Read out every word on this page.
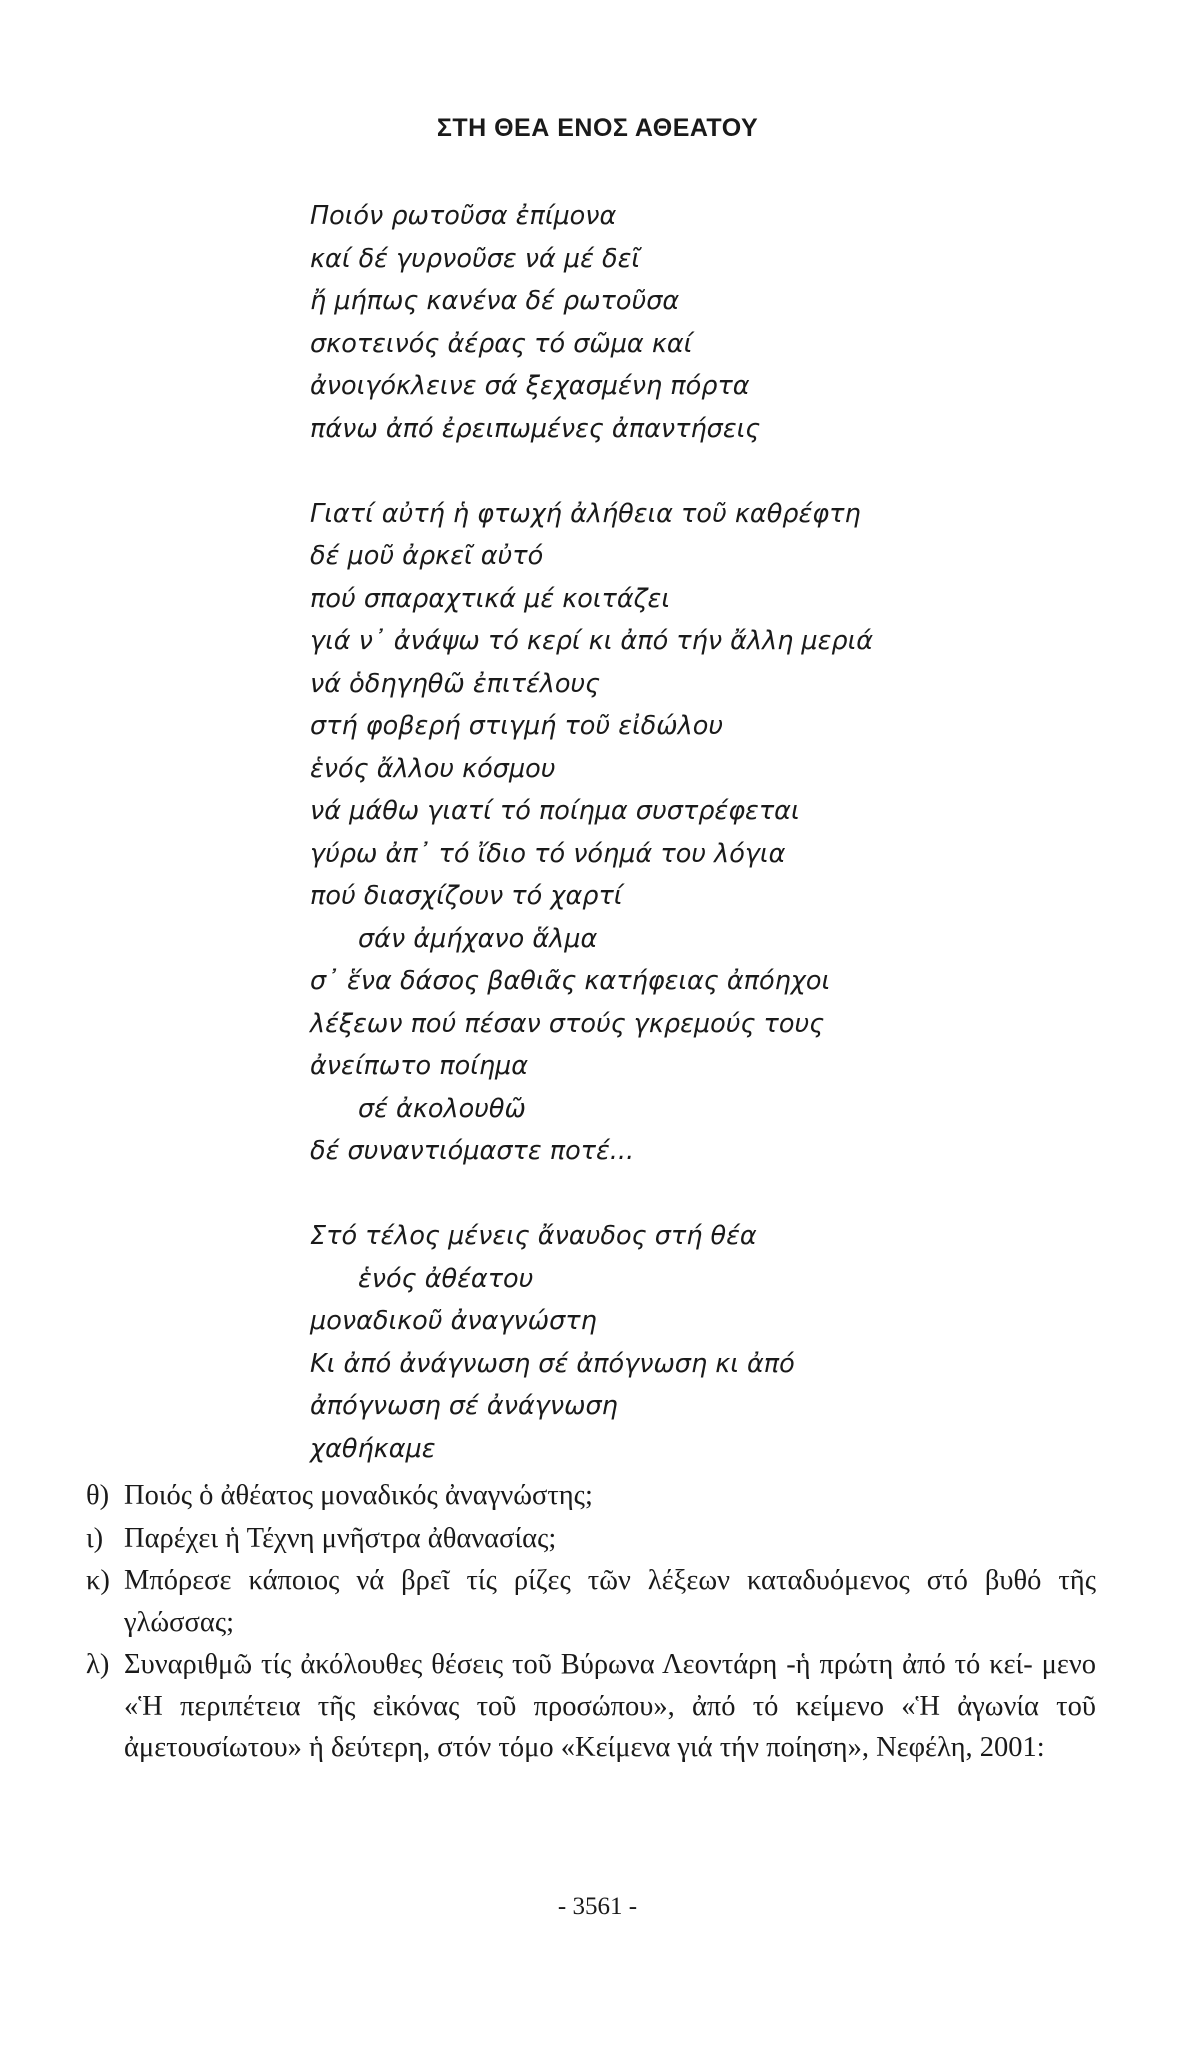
ΣΤΗ ΘΕΑ ΕΝΟΣ ΑΘΕΑΤΟΥ
Ποιόν ρωτοῦσα ἐπίμονα
καί δέ γυρνοῦσε νά μέ δεῖ
ἤ μήπως κανένα δέ ρωτοῦσα
σκοτεινός ἀέρας τό σῶμα καί
ἀνοιγόκλεινε σά ξεχασμένη πόρτα
πάνω ἀπό ἐρειπωμένες ἀπαντήσεις
Γιατί αὐτή ἡ φτωχή ἀλήθεια τοῦ καθρέφτη
δέ μοῦ ἀρκεῖ αὐτό
πού σπαραχτικά μέ κοιτάζει
γιά ν᾿ ἀνάψω τό κερί κι ἀπό τήν ἄλλη μεριά
νά ὁδηγηθῶ ἐπιτέλους
στή φοβερή στιγμή τοῦ εἰδώλου
ἑνός ἄλλου κόσμου
νά μάθω γιατί τό ποίημα συστρέφεται
γύρω ἀπ᾿ τό ἴδιο τό νόημά του λόγια
πού διασχίζουν τό χαρτί
σάν ἀμήχανο ἅλμα
σ᾿ ἕνα δάσος βαθιᾶς κατήφειας ἀπόηχοι
λέξεων πού πέσαν στούς γκρεμούς τους
ἀνείπωτο ποίημα
σέ ἀκολουθῶ
δέ συναντιόμαστε ποτέ...
Στό τέλος μένεις ἄναυδος στή θέα
ἑνός ἀθέατου
μοναδικοῦ ἀναγνώστη
Κι ἀπό ἀνάγνωση σέ ἀπόγνωση κι ἀπό
ἀπόγνωση σέ ἀνάγνωση
χαθήκαμε
θ) Ποιός ὁ ἀθέατος μοναδικός ἀναγνώστης;
ι) Παρέχει ἡ Τέχνη μνῆστρα ἀθανασίας;
κ) Μπόρεσε κάποιος νά βρεῖ τίς ρίζες τῶν λέξεων καταδυόμενος στό βυθό τῆς γλώσσας;
λ) Συναριθμῶ τίς ἀκόλουθες θέσεις τοῦ Βύρωνα Λεοντάρη -ἡ πρώτη ἀπό τό κεί- μενο «Ἡ περιπέτεια τῆς εἰκόνας τοῦ προσώπου», ἀπό τό κείμενο «Ἡ ἀγωνία τοῦ ἀμετουσίωτου» ἡ δεύτερη, στόν τόμο «Κείμενα γιά τήν ποίηση», Νεφέλη, 2001:

- 3561 -
